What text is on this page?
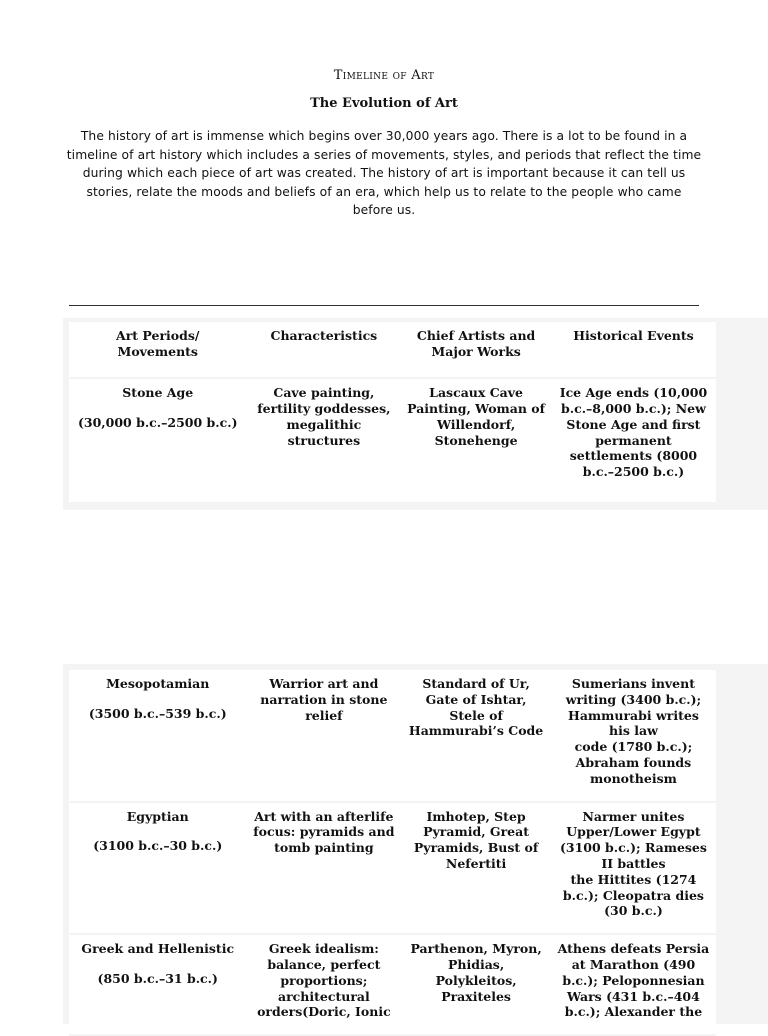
Timeline of Art
The Evolution of Art
The history of art is immense which begins over 30,000 years ago. There is a lot to be found in a timeline of art history which includes a series of movements, styles, and periods that reflect the time during which each piece of art was created. The history of art is important because it can tell us stories, relate the moods and beliefs of an era, which help us to relate to the people who came before us.
Art Periods/ Movements	Characteristics	Chief Artists and Major Works	Historical Events
Stone Age
(30,000 b.c.–2500 b.c.)	Cave painting, fertility goddesses, megalithic structures	Lascaux Cave Painting, Woman of Willendorf, Stonehenge	Ice Age ends (10,000 b.c.–8,000 b.c.); New Stone Age and first permanent settlements (8000 b.c.–2500 b.c.)
Mesopotamian
(3500 b.c.–539 b.c.)	Warrior art and narration in stone relief	Standard of Ur, Gate of Ishtar, Stele of Hammurabi’s Code	Sumerians invent writing (3400 b.c.); Hammurabi writes his law
code (1780 b.c.); Abraham founds monotheism
Egyptian
(3100 b.c.–30 b.c.)	Art with an afterlife focus: pyramids and tomb painting	Imhotep, Step Pyramid, Great Pyramids, Bust of Nefertiti	Narmer unites Upper/Lower Egypt (3100 b.c.); Rameses II battles
the Hittites (1274 b.c.); Cleopatra dies (30 b.c.)
Greek and Hellenistic
(850 b.c.–31 b.c.)	Greek idealism: balance, perfect proportions; architectural orders(Doric, Ionic	Parthenon, Myron, Phidias, Polykleitos, Praxiteles	Athens defeats Persia at Marathon (490 b.c.); Peloponnesian Wars (431 b.c.–404 b.c.); Alexander the
